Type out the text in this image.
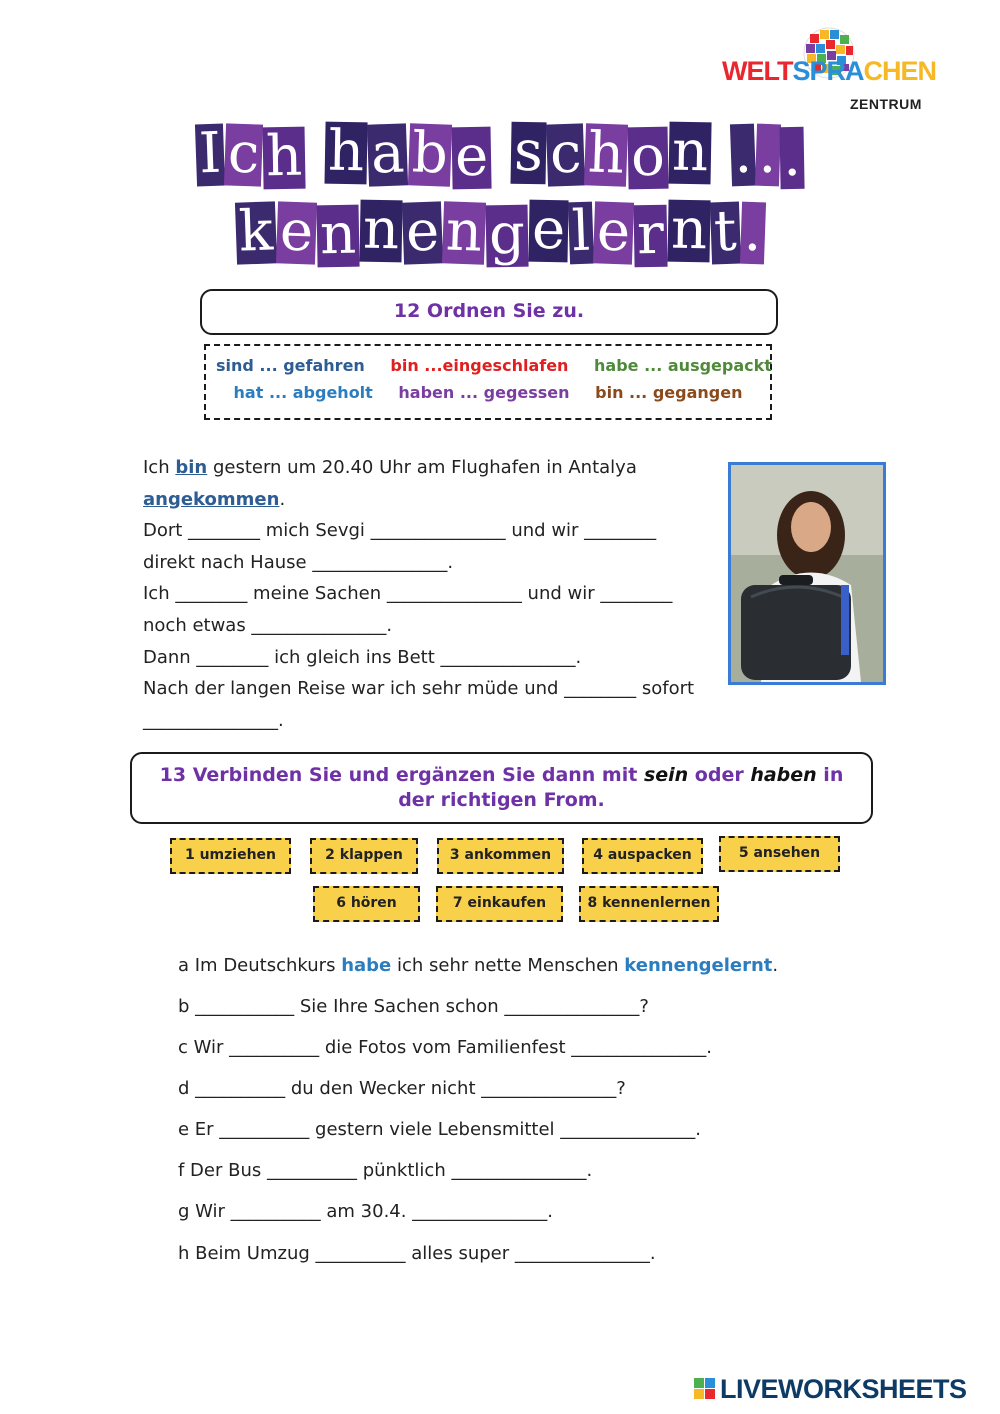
WELTSPRACHEN
ZENTRUM
Ich habe scho n ...
ken neng eler nt.
12 Ordnen Sie zu.
sind ... gefahren bin ...eingeschlafen habe ... ausgepackt
hat ... abgeholt haben ... gegessen bin ... gegangen
Ich bin gestern um 20.40 Uhr am Flughafen in Antalya
angekommen.
Dort ________ mich Sevgi _______________ und wir ________
direkt nach Hause _______________.
Ich ________ meine Sachen _______________ und wir ________
noch etwas _______________.
Dann ________ ich gleich ins Bett _______________.
Nach der langen Reise war ich sehr müde und ________ sofort
_______________.
13 Verbinden Sie und ergänzen Sie dann mit sein oder haben in
der richtigen From.
1 umziehen	2 klappen	3 ankommen	4 auspacken	5 ansehen
6 hören	7 einkaufen	8 kennenlernen
a Im Deutschkurs habe ich sehr nette Menschen kennengelernt.
b ___________ Sie Ihre Sachen schon _______________?
c Wir __________ die Fotos vom Familienfest _______________.
d __________ du den Wecker nicht _______________?
e Er __________ gestern viele Lebensmittel _______________.
f Der Bus __________ pünktlich _______________.
g Wir __________ am 30.4. _______________.
h Beim Umzug __________ alles super _______________.
LIVEWORKSHEETS
